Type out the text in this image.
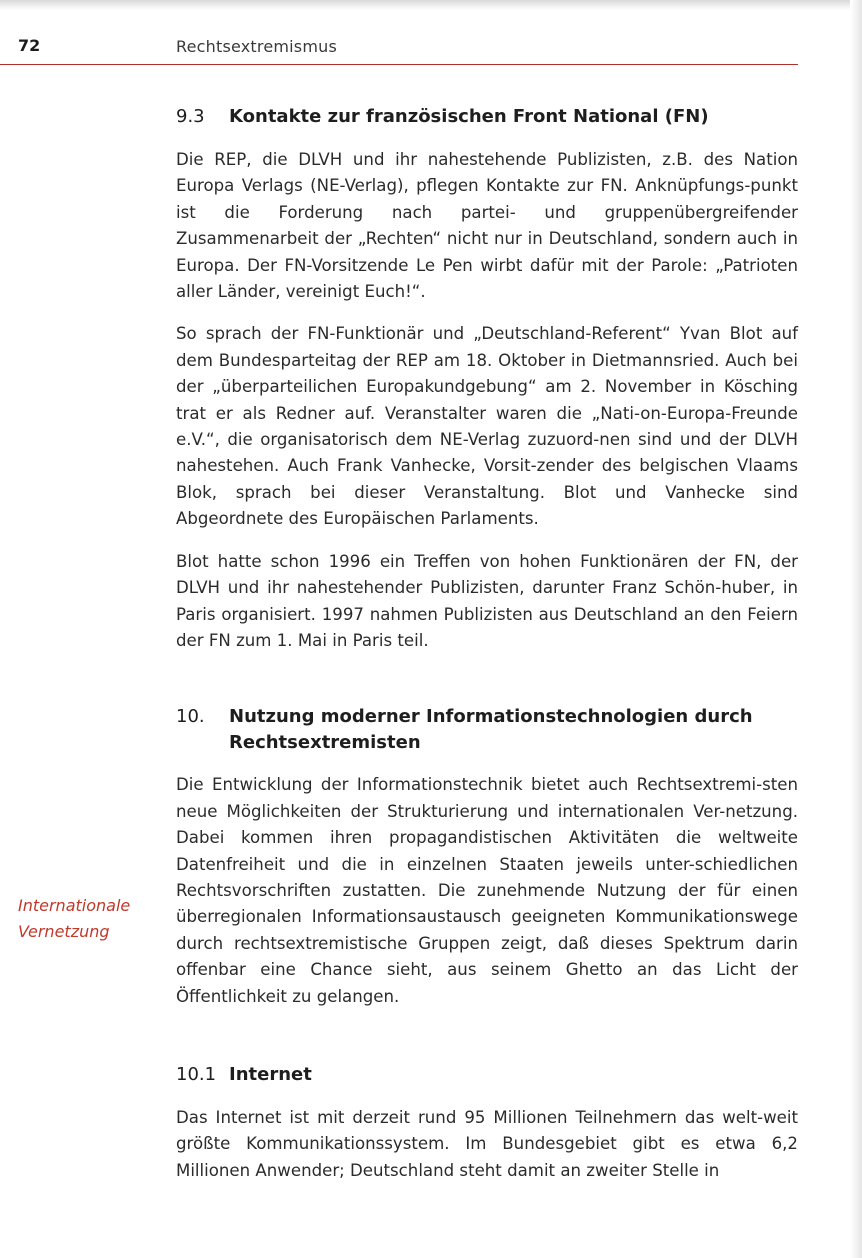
72	Rechtsextremismus
Internationale
Vernetzung
9.3	Kontakte zur französischen Front National (FN)

Die REP, die DLVH und ihr nahestehende Publizisten, z.B. des Nation Europa Verlags (NE-Verlag), pflegen Kontakte zur FN. Anknüpfungs-punkt ist die Forderung nach partei- und gruppenübergreifender Zusammenarbeit der „Rechten“ nicht nur in Deutschland, sondern auch in Europa. Der FN-Vorsitzende Le Pen wirbt dafür mit der Parole: „Patrioten aller Länder, vereinigt Euch!“.

So sprach der FN-Funktionär und „Deutschland-Referent“ Yvan Blot auf dem Bundesparteitag der REP am 18. Oktober in Dietmannsried. Auch bei der „überparteilichen Europakundgebung“ am 2. November in Kösching trat er als Redner auf. Veranstalter waren die „Nati-on-Europa-Freunde e.V.“, die organisatorisch dem NE-Verlag zuzuord-nen sind und der DLVH nahestehen. Auch Frank Vanhecke, Vorsit-zender des belgischen Vlaams Blok, sprach bei dieser Veranstaltung. Blot und Vanhecke sind Abgeordnete des Europäischen Parlaments.

Blot hatte schon 1996 ein Treffen von hohen Funktionären der FN, der DLVH und ihr nahestehender Publizisten, darunter Franz Schön-huber, in Paris organisiert. 1997 nahmen Publizisten aus Deutschland an den Feiern der FN zum 1. Mai in Paris teil.

10.	Nutzung moderner Informationstechnologien durch
Rechtsextremisten

Die Entwicklung der Informationstechnik bietet auch Rechtsextremi-sten neue Möglichkeiten der Strukturierung und internationalen Ver-netzung. Dabei kommen ihren propagandistischen Aktivitäten die weltweite Datenfreiheit und die in einzelnen Staaten jeweils unter-schiedlichen Rechtsvorschriften zustatten. Die zunehmende Nutzung der für einen überregionalen Informationsaustausch geeigneten Kommunikationswege durch rechtsextremistische Gruppen zeigt, daß dieses Spektrum darin offenbar eine Chance sieht, aus seinem Ghetto an das Licht der Öffentlichkeit zu gelangen.

10.1 Internet

Das Internet ist mit derzeit rund 95 Millionen Teilnehmern das welt-weit größte Kommunikationssystem. Im Bundesgebiet gibt es etwa 6,2 Millionen Anwender; Deutschland steht damit an zweiter Stelle in
